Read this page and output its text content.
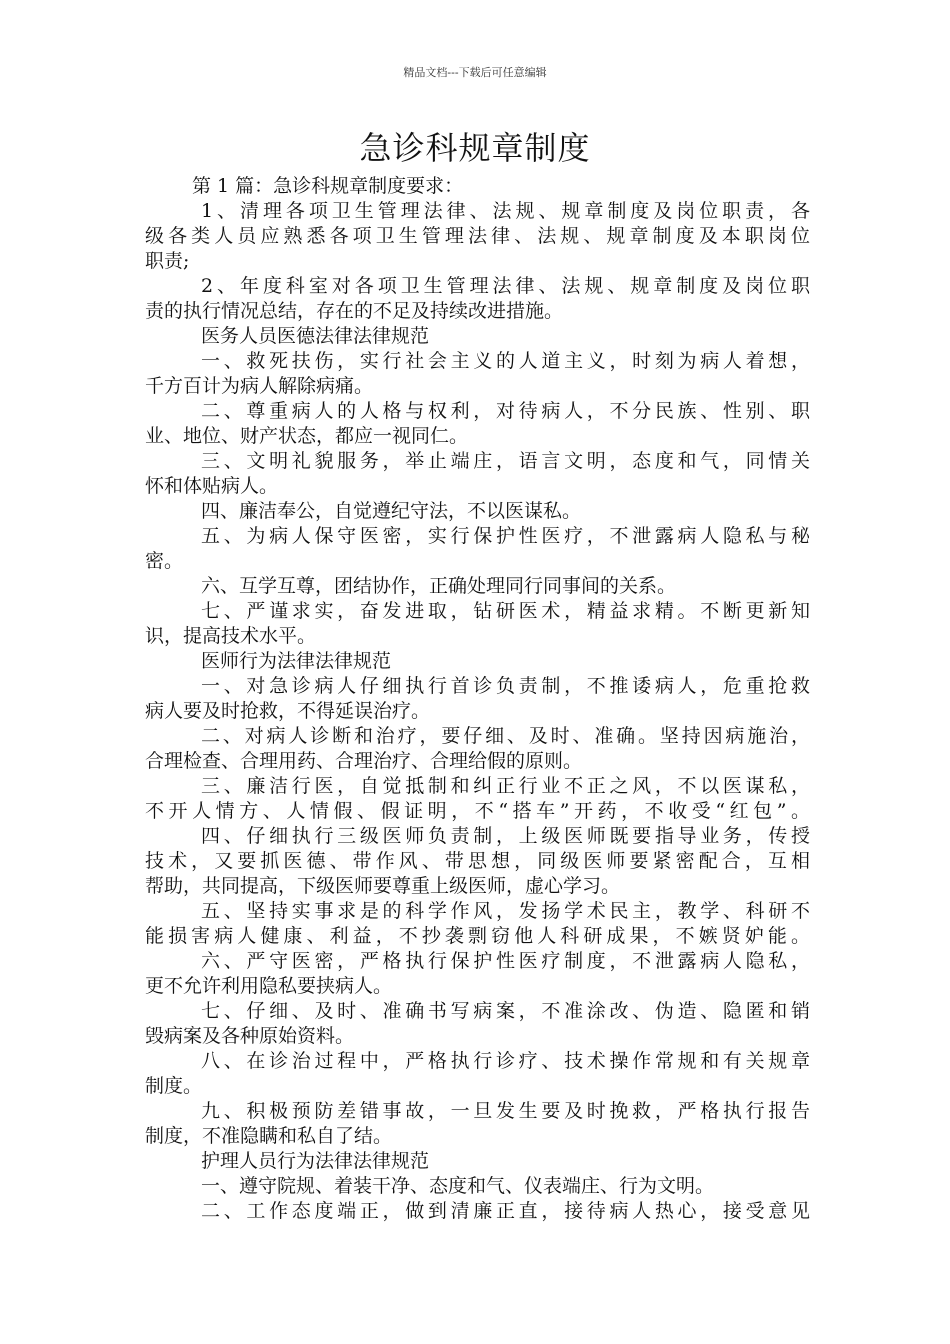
精品文档---下载后可任意编辑
急诊科规章制度
第 1 篇：急诊科规章制度要求：
1、清理各项卫生管理法律、法规、规章制度及岗位职责，各
级各类人员应熟悉各项卫生管理法律、法规、规章制度及本职岗位
职责;
2、年度科室对各项卫生管理法律、法规、规章制度及岗位职
责的执行情况总结，存在的不足及持续改进措施。
医务人员医德法律法律规范
一、救死扶伤，实行社会主义的人道主义，时刻为病人着想，
千方百计为病人解除病痛。
二、尊重病人的人格与权利，对待病人，不分民族、性别、职
业、地位、财产状态，都应一视同仁。
三、文明礼貌服务，举止端庄，语言文明，态度和气，同情关
怀和体贴病人。
四、廉洁奉公，自觉遵纪守法，不以医谋私。
五、为病人保守医密，实行保护性医疗，不泄露病人隐私与秘
密。
六、互学互尊，团结协作，正确处理同行同事间的关系。
七、严谨求实，奋发进取，钻研医术，精益求精。不断更新知
识，提高技术水平。
医师行为法律法律规范
一、对急诊病人仔细执行首诊负责制，不推诿病人，危重抢救
病人要及时抢救，不得延误治疗。
二、对病人诊断和治疗，要仔细、及时、准确。坚持因病施治，
合理检查、合理用药、合理治疗、合理给假的原则。
三、廉洁行医，自觉抵制和纠正行业不正之风，不以医谋私，
不开人情方、人情假、假证明，不“搭车”开药，不收受“红包”。
四、仔细执行三级医师负责制，上级医师既要指导业务，传授
技术，又要抓医德、带作风、带思想，同级医师要紧密配合，互相
帮助，共同提高，下级医师要尊重上级医师，虚心学习。
五、坚持实事求是的科学作风，发扬学术民主，教学、科研不
能损害病人健康、利益，不抄袭剽窃他人科研成果，不嫉贤妒能。
六、严守医密，严格执行保护性医疗制度，不泄露病人隐私，
更不允许利用隐私要挟病人。
七、仔细、及时、准确书写病案，不准涂改、伪造、隐匿和销
毁病案及各种原始资料。
八、在诊治过程中，严格执行诊疗、技术操作常规和有关规章
制度。
九、积极预防差错事故，一旦发生要及时挽救，严格执行报告
制度，不准隐瞒和私自了结。
护理人员行为法律法律规范
一、遵守院规、着装干净、态度和气、仪表端庄、行为文明。
二、工作态度端正，做到清廉正直，接待病人热心，接受意见
